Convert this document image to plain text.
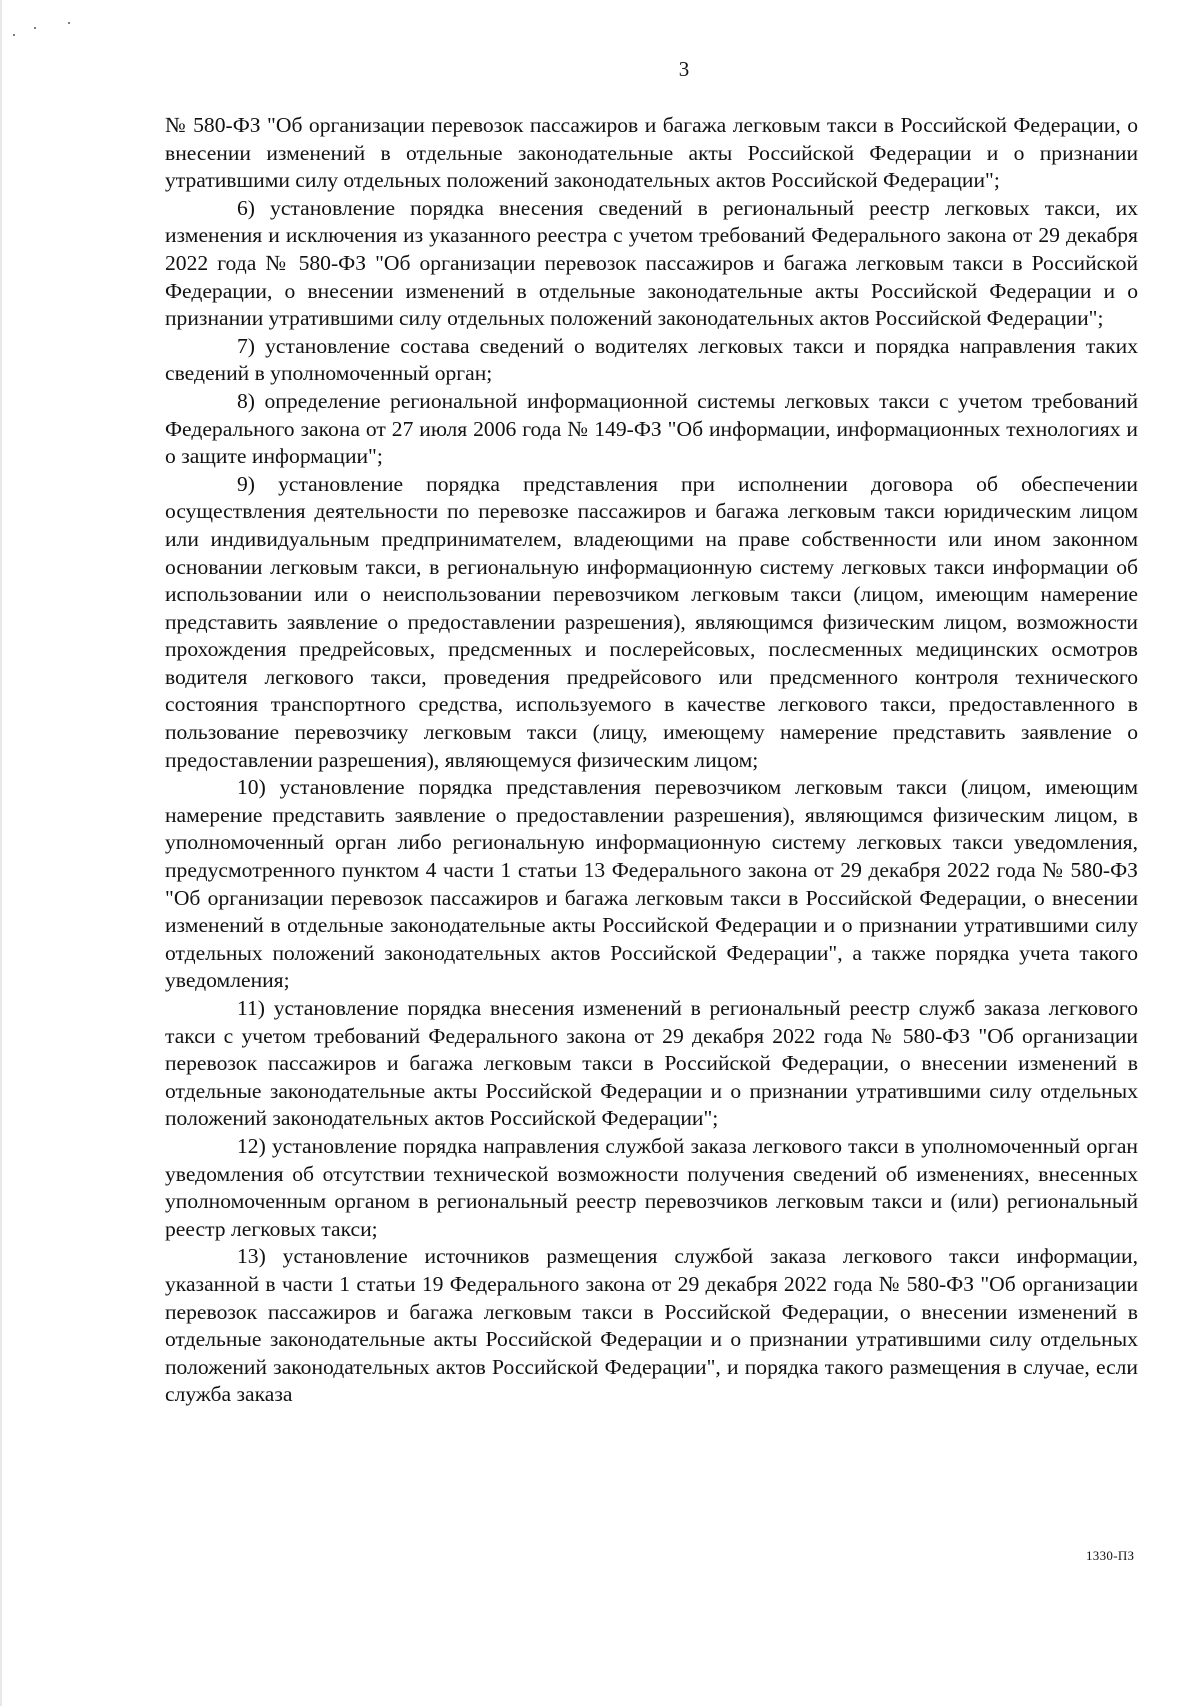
3

№ 580-ФЗ "Об организации перевозок пассажиров и багажа легковым такси в Российской Федерации, о внесении изменений в отдельные законодательные акты Российской Федерации и о признании утратившими силу отдельных положений законодательных актов Российской Федерации";

6) установление порядка внесения сведений в региональный реестр легковых такси, их изменения и исключения из указанного реестра с учетом требований Федерального закона от 29 декабря 2022 года № 580-ФЗ "Об организации перевозок пассажиров и багажа легковым такси в Российской Федерации, о внесении изменений в отдельные законодательные акты Российской Федерации и о признании утратившими силу отдельных положений законодательных актов Российской Федерации";

7) установление состава сведений о водителях легковых такси и порядка направления таких сведений в уполномоченный орган;

8) определение региональной информационной системы легковых такси с учетом требований Федерального закона от 27 июля 2006 года № 149-ФЗ "Об информации, информационных технологиях и о защите информации";

9) установление порядка представления при исполнении договора об обеспечении осуществления деятельности по перевозке пассажиров и багажа легковым такси юридическим лицом или индивидуальным предпринимателем, владеющими на праве собственности или ином законном основании легковым такси, в региональную информационную систему легковых такси информации об использовании или о неиспользовании перевозчиком легковым такси (лицом, имеющим намерение представить заявление о предоставлении разрешения), являющимся физическим лицом, возможности прохождения предрейсовых, предсменных и послерейсовых, послесменных медицинских осмотров водителя легкового такси, проведения предрейсового или предсменного контроля технического состояния транспортного средства, используемого в качестве легкового такси, предоставленного в пользование перевозчику легковым такси (лицу, имеющему намерение представить заявление о предоставлении разрешения), являющемуся физическим лицом;

10) установление порядка представления перевозчиком легковым такси (лицом, имеющим намерение представить заявление о предоставлении разрешения), являющимся физическим лицом, в уполномоченный орган либо региональную информационную систему легковых такси уведомления, предусмотренного пунктом 4 части 1 статьи 13 Федерального закона от 29 декабря 2022 года № 580-ФЗ "Об организации перевозок пассажиров и багажа легковым такси в Российской Федерации, о внесении изменений в отдельные законодательные акты Российской Федерации и о признании утратившими силу отдельных положений законодательных актов Российской Федерации", а также порядка учета такого уведомления;

11) установление порядка внесения изменений в региональный реестр служб заказа легкового такси с учетом требований Федерального закона от 29 декабря 2022 года № 580-ФЗ "Об организации перевозок пассажиров и багажа легковым такси в Российской Федерации, о внесении изменений в отдельные законодательные акты Российской Федерации и о признании утратившими силу отдельных положений законодательных актов Российской Федерации";

12) установление порядка направления службой заказа легкового такси в уполномоченный орган уведомления об отсутствии технической возможности получения сведений об изменениях, внесенных уполномоченным органом в региональный реестр перевозчиков легковым такси и (или) региональный реестр легковых такси;

13) установление источников размещения службой заказа легкового такси информации, указанной в части 1 статьи 19 Федерального закона от 29 декабря 2022 года № 580-ФЗ "Об организации перевозок пассажиров и багажа легковым такси в Российской Федерации, о внесении изменений в отдельные законодательные акты Российской Федерации и о признании утратившими силу отдельных положений законодательных актов Российской Федерации", и порядка такого размещения в случае, если служба заказа

1330-ПЗ
